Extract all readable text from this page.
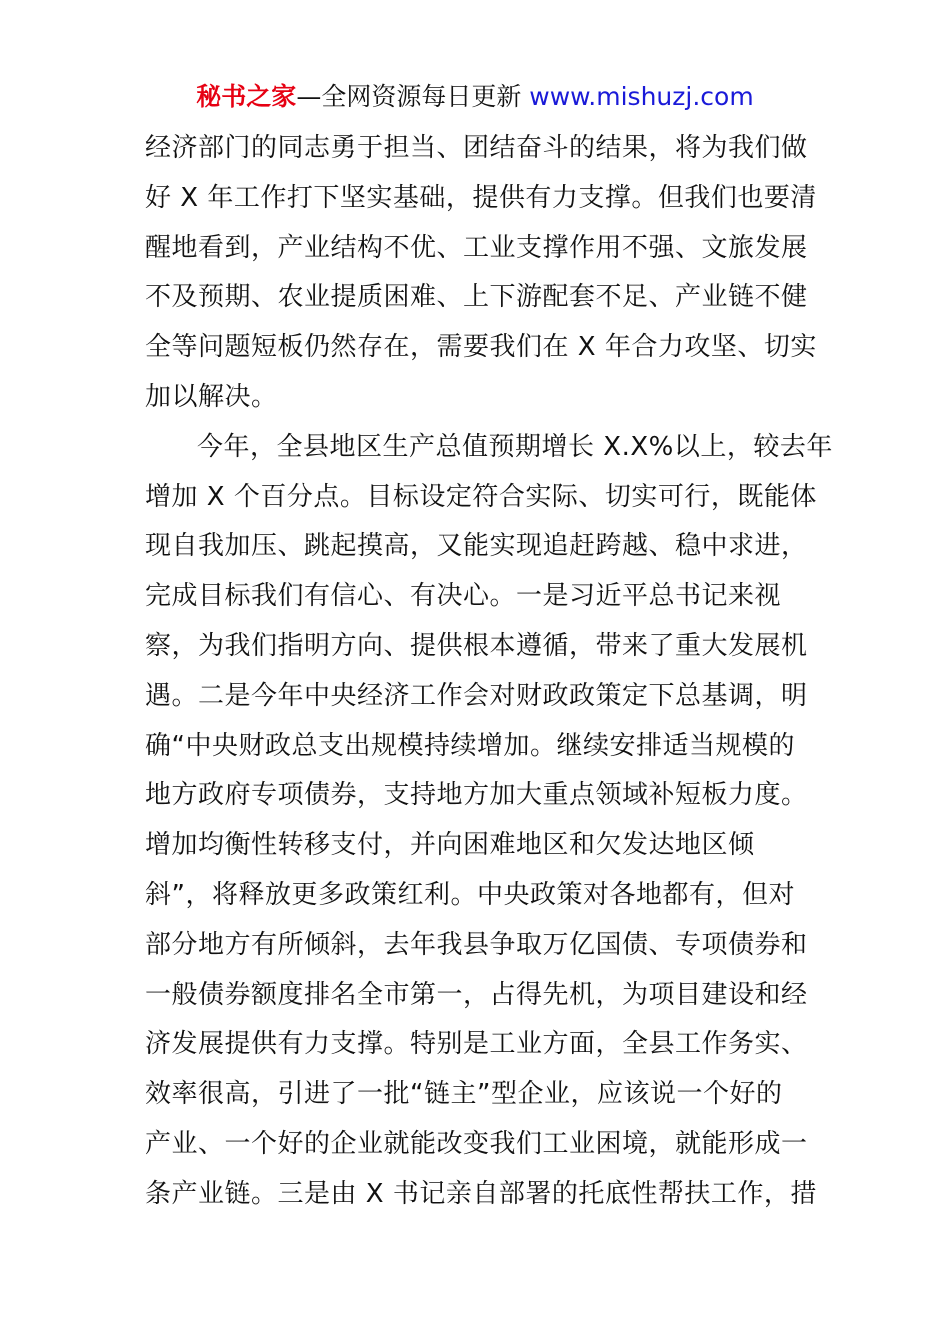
秘书之家—全网资源每日更新 www.mishuzj.com
经济部门的同志勇于担当、团结奋斗的结果，将为我们做
好 X 年工作打下坚实基础，提供有力支撑。但我们也要清
醒地看到，产业结构不优、工业支撑作用不强、文旅发展
不及预期、农业提质困难、上下游配套不足、产业链不健
全等问题短板仍然存在，需要我们在 X 年合力攻坚、切实
加以解决。
今年，全县地区生产总值预期增长 X.X%以上，较去年
增加 X 个百分点。目标设定符合实际、切实可行，既能体
现自我加压、跳起摸高，又能实现追赶跨越、稳中求进，
完成目标我们有信心、有决心。一是习近平总书记来视
察，为我们指明方向、提供根本遵循，带来了重大发展机
遇。二是今年中央经济工作会对财政政策定下总基调，明
确“中央财政总支出规模持续增加。继续安排适当规模的
地方政府专项债券，支持地方加大重点领域补短板力度。
增加均衡性转移支付，并向困难地区和欠发达地区倾
斜”，将释放更多政策红利。中央政策对各地都有，但对
部分地方有所倾斜，去年我县争取万亿国债、专项债券和
一般债券额度排名全市第一，占得先机，为项目建设和经
济发展提供有力支撑。特别是工业方面，全县工作务实、
效率很高，引进了一批“链主”型企业，应该说一个好的
产业、一个好的企业就能改变我们工业困境，就能形成一
条产业链。三是由 X 书记亲自部署的托底性帮扶工作，措
